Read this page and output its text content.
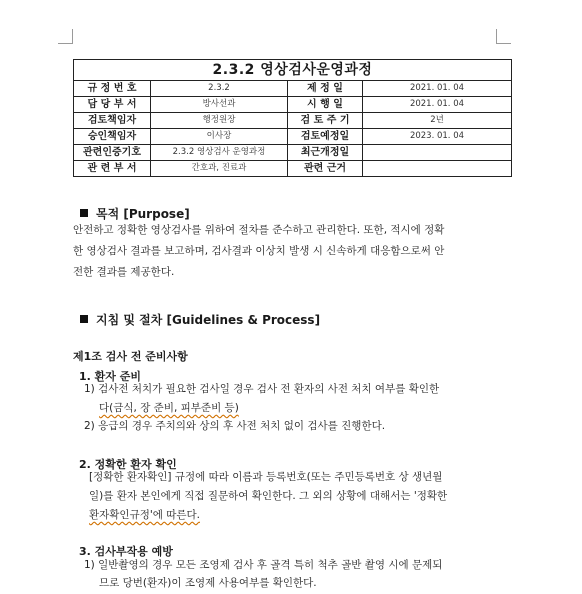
2.3.2 영상검사운영과정			
규 정 번 호	2.3.2	제 정 일	2021. 01. 04
담 당 부 서	방사선과	시 행 일	2021. 01. 04
검토책임자	행정원장	검 토 주 기	2년
승인책임자	이사장	검토예정일	2023. 01. 04
관련인증기호	2.3.2 영상검사 운영과정	최근개정일	
관 련 부 서	간호과, 진료과	관련 근거	
목적 [Purpose]
안전하고 정확한 영상검사를 위하여 절차를 준수하고 관리한다. 또한, 적시에 정확
한 영상검사 결과를 보고하며, 검사결과 이상치 발생 시 신속하게 대응함으로써 안
전한 결과를 제공한다.
지침 및 절차 [Guidelines & Process]
제1조 검사 전 준비사항
1. 환자 준비
1) 검사전 처치가 필요한 검사일 경우 검사 전 환자의 사전 처치 여부를 확인한
다(금식, 장 준비, 피부준비 등)
2) 응급의 경우 주치의와 상의 후 사전 처치 없이 검사를 진행한다.
2. 정확한 환자 확인
[정확한 환자확인] 규정에 따라 이름과 등록번호(또는 주민등록번호 상 생년월
일)를 환자 본인에게 직접 질문하여 확인한다. 그 외의 상황에 대해서는 '정확한
환자확인규정'에 따른다.
3. 검사부작용 예방
1) 일반촬영의 경우 모든 조영제 검사 후 골격 특히 척추 골반 촬영 시에 문제되
므로 당번(환자)이 조영제 사용여부를 확인한다.
